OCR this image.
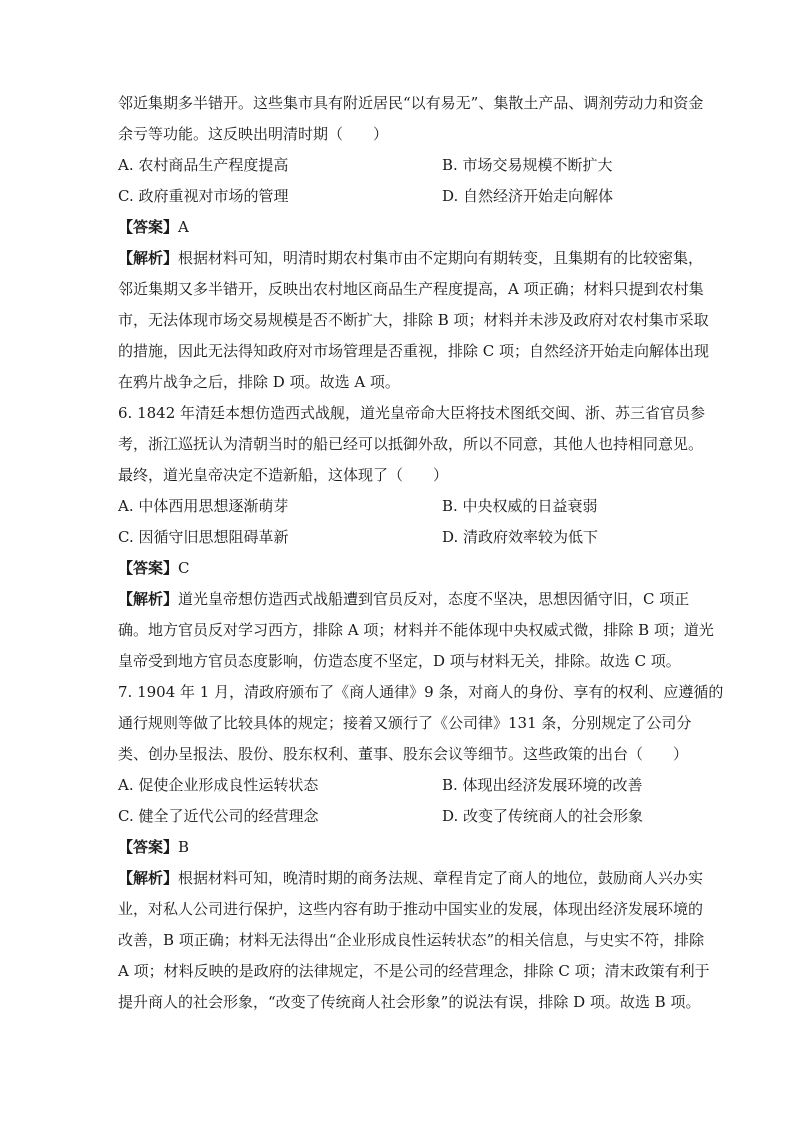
邻近集期多半错开。这些集市具有附近居民“以有易无”、集散土产品、调剂劳动力和资金
余亏等功能。这反映出明清时期（　　）
A. 农村商品生产程度提高	B. 市场交易规模不断扩大
C. 政府重视对市场的管理	D. 自然经济开始走向解体
【答案】A
【解析】根据材料可知，明清时期农村集市由不定期向有期转变，且集期有的比较密集，
邻近集期又多半错开，反映出农村地区商品生产程度提高，A 项正确；材料只提到农村集
市，无法体现市场交易规模是否不断扩大，排除 B 项；材料并未涉及政府对农村集市采取
的措施，因此无法得知政府对市场管理是否重视，排除 C 项；自然经济开始走向解体出现
在鸦片战争之后，排除 D 项。故选 A 项。
6. 1842 年清廷本想仿造西式战舰，道光皇帝命大臣将技术图纸交闽、浙、苏三省官员参
考，浙江巡抚认为清朝当时的船已经可以抵御外敌，所以不同意，其他人也持相同意见。
最终，道光皇帝决定不造新船，这体现了（　　）
A. 中体西用思想逐渐萌芽	B. 中央权威的日益衰弱
C. 因循守旧思想阻碍革新	D. 清政府效率较为低下
【答案】C
【解析】道光皇帝想仿造西式战船遭到官员反对，态度不坚决，思想因循守旧，C 项正
确。地方官员反对学习西方，排除 A 项；材料并不能体现中央权威式微，排除 B 项；道光
皇帝受到地方官员态度影响，仿造态度不坚定，D 项与材料无关，排除。故选 C 项。
7. 1904 年 1 月，清政府颁布了《商人通律》9 条，对商人的身份、享有的权利、应遵循的
通行规则等做了比较具体的规定；接着又颁行了《公司律》131 条，分别规定了公司分
类、创办呈报法、股份、股东权利、董事、股东会议等细节。这些政策的出台（　　）
A. 促使企业形成良性运转状态	B. 体现出经济发展环境的改善
C. 健全了近代公司的经营理念	D. 改变了传统商人的社会形象
【答案】B
【解析】根据材料可知，晚清时期的商务法规、章程肯定了商人的地位，鼓励商人兴办实
业，对私人公司进行保护，这些内容有助于推动中国实业的发展，体现出经济发展环境的
改善，B 项正确；材料无法得出“企业形成良性运转状态”的相关信息，与史实不符，排除
A 项；材料反映的是政府的法律规定，不是公司的经营理念，排除 C 项；清末政策有利于
提升商人的社会形象，“改变了传统商人社会形象”的说法有误，排除 D 项。故选 B 项。
